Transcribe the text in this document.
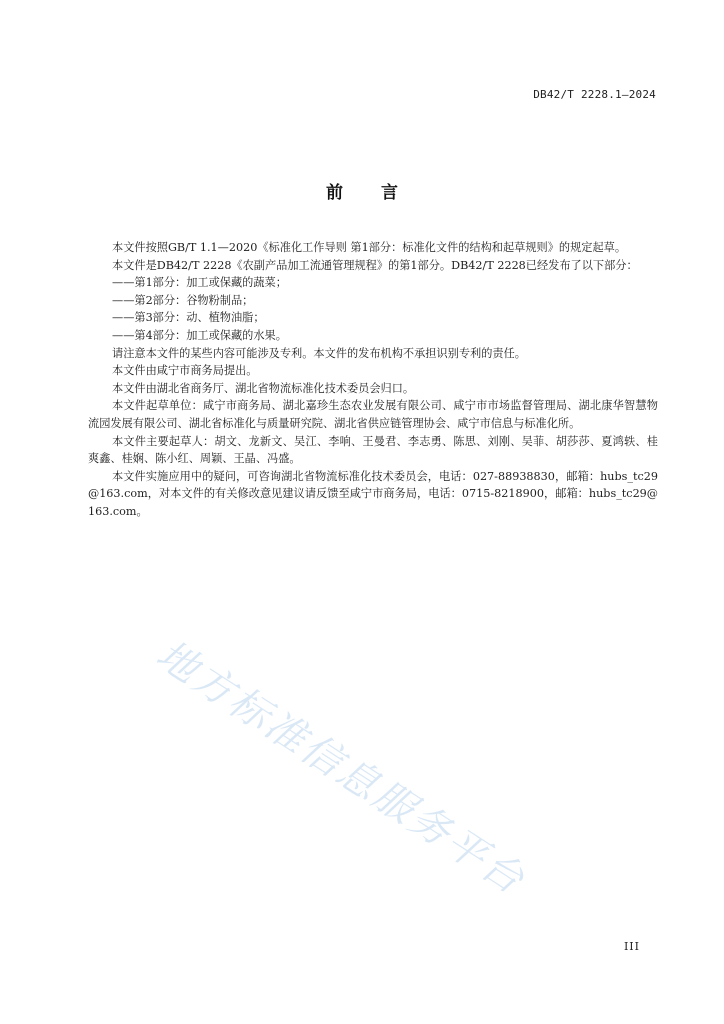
DB42/T 2228.1—2024
前言

本文件按照GB/T 1.1—2020《标准化工作导则 第1部分：标准化文件的结构和起草规则》的规定起草。

本文件是DB42/T 2228《农副产品加工流通管理规程》的第1部分。DB42/T 2228已经发布了以下部分：

——第1部分：加工或保藏的蔬菜；

——第2部分：谷物粉制品；

——第3部分：动、植物油脂；

——第4部分：加工或保藏的水果。

请注意本文件的某些内容可能涉及专利。本文件的发布机构不承担识别专利的责任。

本文件由咸宁市商务局提出。

本文件由湖北省商务厅、湖北省物流标准化技术委员会归口。

本文件起草单位：咸宁市商务局、湖北嘉珍生态农业发展有限公司、咸宁市市场监督管理局、湖北康华智慧物流园发展有限公司、湖北省标准化与质量研究院、湖北省供应链管理协会、咸宁市信息与标准化所。

本文件主要起草人：胡文、龙新文、吴江、李响、王曼君、李志勇、陈思、刘刚、吴菲、胡莎莎、夏鸿轶、桂爽鑫、桂娴、陈小红、周颖、王晶、冯盛。

本文件实施应用中的疑问，可咨询湖北省物流标准化技术委员会，电话：027-88938830，邮箱：hubs_tc29@163.com，对本文件的有关修改意见建议请反馈至咸宁市商务局，电话：0715-8218900，邮箱：hubs_tc29@163.com。

地方标准信息服务平台
III
